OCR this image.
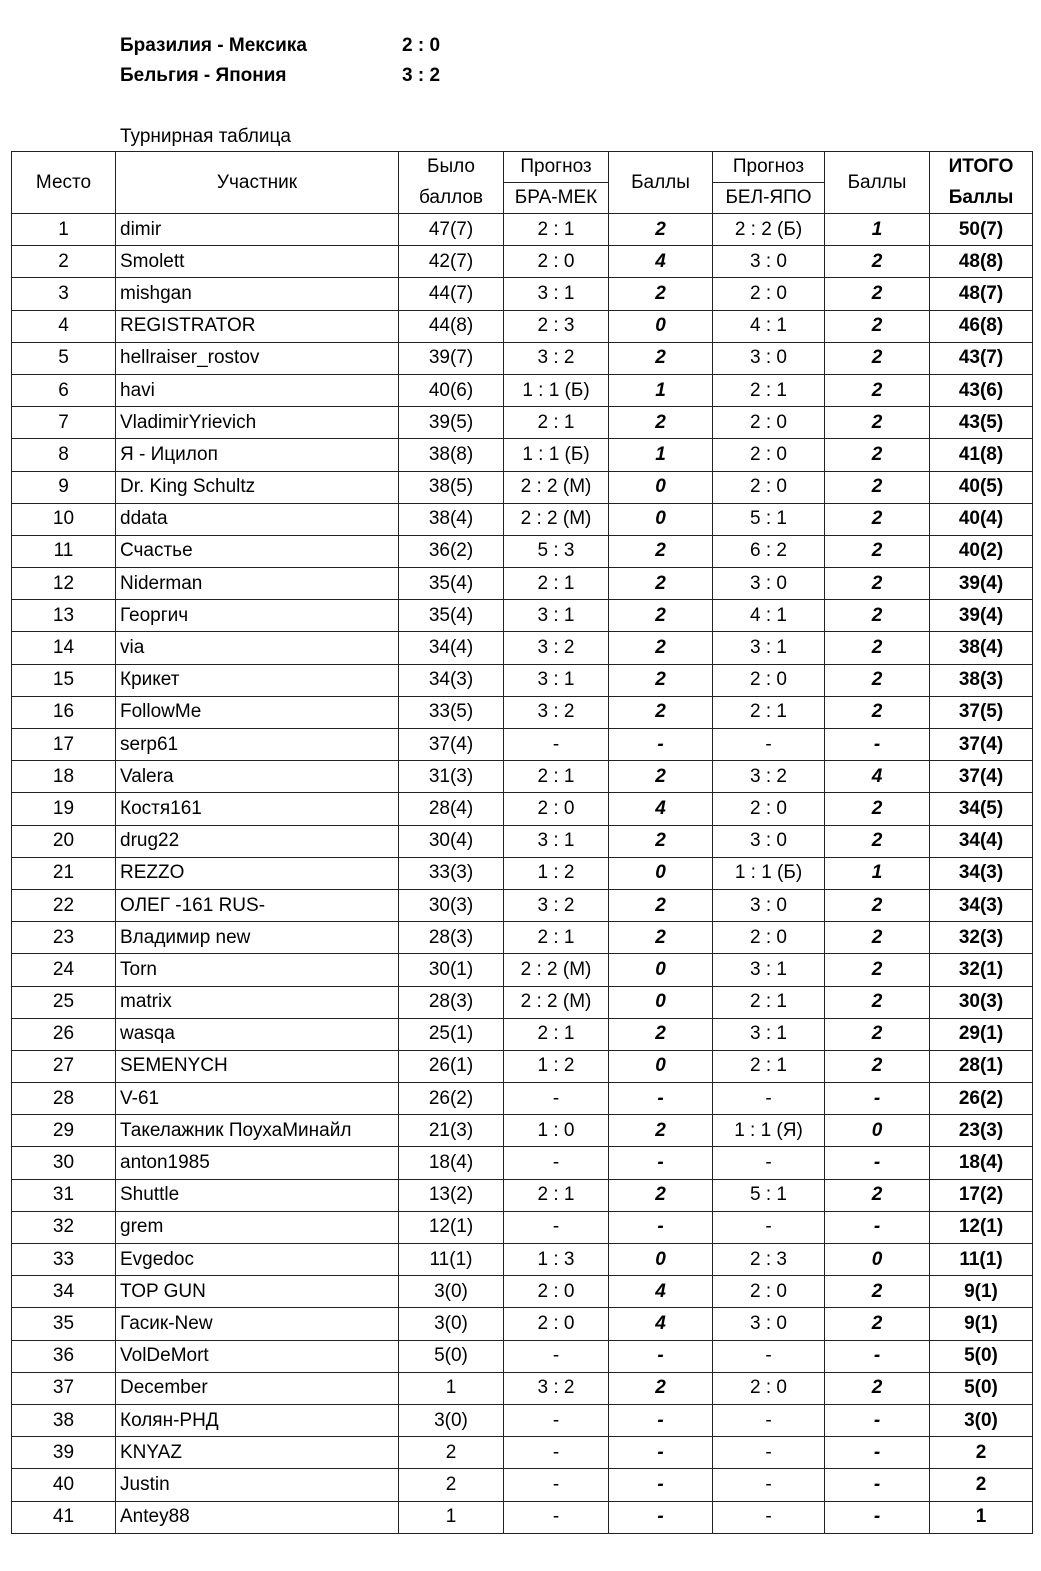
Бразилия - Мексика	2 : 0
Бельгия - Япония	3 : 2
Турнирная таблица
Место	Участник	Было	Прогноз	Баллы	Прогноз	Баллы	ИТОГО
		баллов	БРА-МЕК		БЕЛ-ЯПО		Баллы
1	dimir	47(7)	2 : 1	2	2 : 2 (Б)	1	50(7)
2	Smolett	42(7)	2 : 0	4	3 : 0	2	48(8)
3	mishgan	44(7)	3 : 1	2	2 : 0	2	48(7)
4	REGISTRATOR	44(8)	2 : 3	0	4 : 1	2	46(8)
5	hellraiser_rostov	39(7)	3 : 2	2	3 : 0	2	43(7)
6	havi	40(6)	1 : 1 (Б)	1	2 : 1	2	43(6)
7	VladimirYrievich	39(5)	2 : 1	2	2 : 0	2	43(5)
8	Я - Ицилоп	38(8)	1 : 1 (Б)	1	2 : 0	2	41(8)
9	Dr. King Schultz	38(5)	2 : 2 (М)	0	2 : 0	2	40(5)
10	ddata	38(4)	2 : 2 (М)	0	5 : 1	2	40(4)
11	Счастье	36(2)	5 : 3	2	6 : 2	2	40(2)
12	Niderman	35(4)	2 : 1	2	3 : 0	2	39(4)
13	Георгич	35(4)	3 : 1	2	4 : 1	2	39(4)
14	via	34(4)	3 : 2	2	3 : 1	2	38(4)
15	Крикет	34(3)	3 : 1	2	2 : 0	2	38(3)
16	FollowMe	33(5)	3 : 2	2	2 : 1	2	37(5)
17	serp61	37(4)	-	-	-	-	37(4)
18	Valera	31(3)	2 : 1	2	3 : 2	4	37(4)
19	Костя161	28(4)	2 : 0	4	2 : 0	2	34(5)
20	drug22	30(4)	3 : 1	2	3 : 0	2	34(4)
21	REZZO	33(3)	1 : 2	0	1 : 1 (Б)	1	34(3)
22	ОЛЕГ -161 RUS-	30(3)	3 : 2	2	3 : 0	2	34(3)
23	Владимир new	28(3)	2 : 1	2	2 : 0	2	32(3)
24	Torn	30(1)	2 : 2 (М)	0	3 : 1	2	32(1)
25	matrix	28(3)	2 : 2 (М)	0	2 : 1	2	30(3)
26	wasqa	25(1)	2 : 1	2	3 : 1	2	29(1)
27	SEMENYCH	26(1)	1 : 2	0	2 : 1	2	28(1)
28	V-61	26(2)	-	-	-	-	26(2)
29	Такелажник ПоухаМинайл	21(3)	1 : 0	2	1 : 1 (Я)	0	23(3)
30	anton1985	18(4)	-	-	-	-	18(4)
31	Shuttle	13(2)	2 : 1	2	5 : 1	2	17(2)
32	grem	12(1)	-	-	-	-	12(1)
33	Evgedoc	11(1)	1 : 3	0	2 : 3	0	11(1)
34	TOP GUN	3(0)	2 : 0	4	2 : 0	2	9(1)
35	Гасик-New	3(0)	2 : 0	4	3 : 0	2	9(1)
36	VolDeMort	5(0)	-	-	-	-	5(0)
37	December	1	3 : 2	2	2 : 0	2	5(0)
38	Колян-РНД	3(0)	-	-	-	-	3(0)
39	KNYAZ	2	-	-	-	-	2
40	Justin	2	-	-	-	-	2
41	Antey88	1	-	-	-	-	1
